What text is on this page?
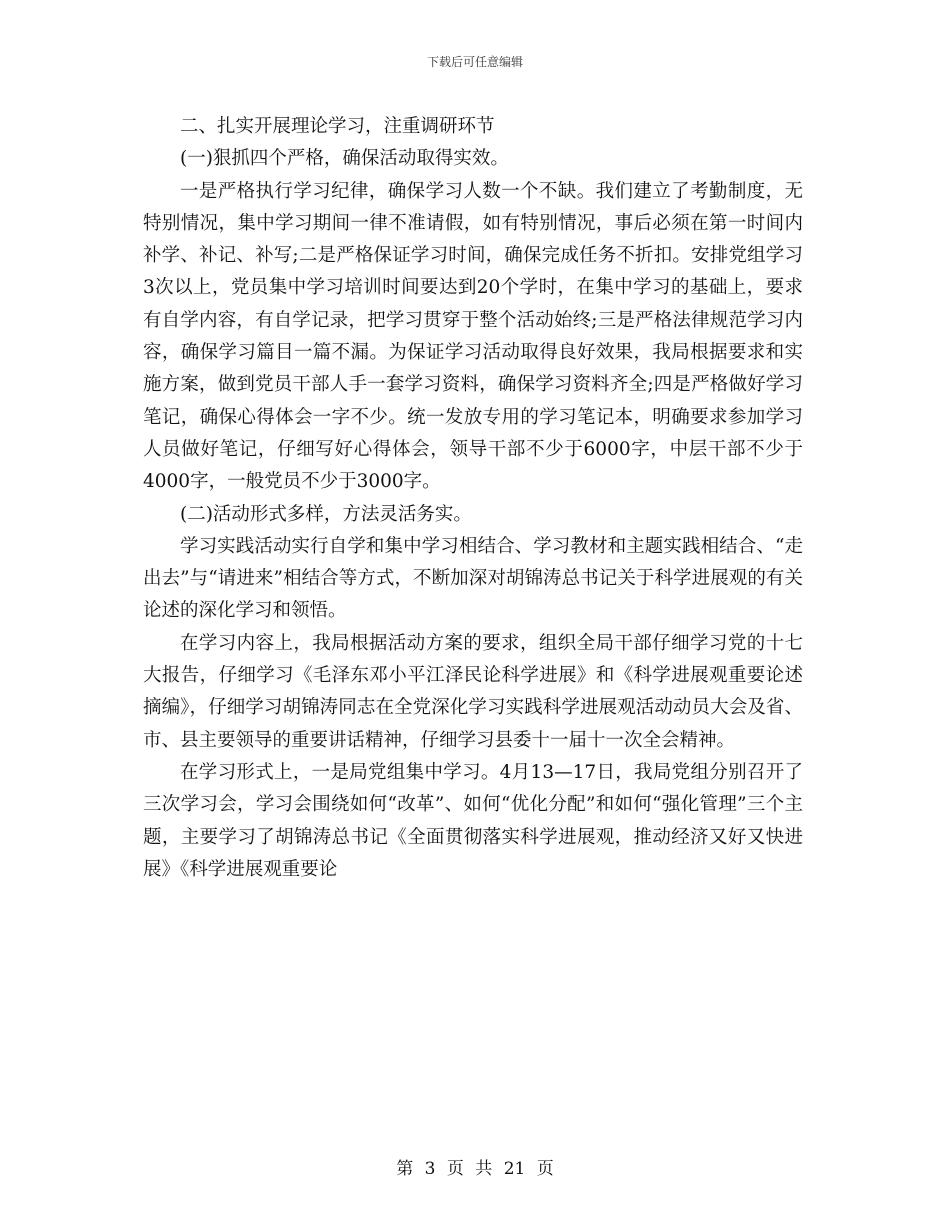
下载后可任意编辑

二、扎实开展理论学习，注重调研环节

(一)狠抓四个严格，确保活动取得实效。

一是严格执行学习纪律，确保学习人数一个不缺。我们建立了考勤制度，无特别情况，集中学习期间一律不准请假，如有特别情况，事后必须在第一时间内补学、补记、补写;二是严格保证学习时间，确保完成任务不折扣。安排党组学习3次以上，党员集中学习培训时间要达到20个学时，在集中学习的基础上，要求有自学内容，有自学记录，把学习贯穿于整个活动始终;三是严格法律规范学习内容，确保学习篇目一篇不漏。为保证学习活动取得良好效果，我局根据要求和实施方案，做到党员干部人手一套学习资料，确保学习资料齐全;四是严格做好学习笔记，确保心得体会一字不少。统一发放专用的学习笔记本，明确要求参加学习人员做好笔记，仔细写好心得体会，领导干部不少于6000字，中层干部不少于4000字，一般党员不少于3000字。

(二)活动形式多样，方法灵活务实。

学习实践活动实行自学和集中学习相结合、学习教材和主题实践相结合、“走出去”与“请进来”相结合等方式，不断加深对胡锦涛总书记关于科学进展观的有关论述的深化学习和领悟。

在学习内容上，我局根据活动方案的要求，组织全局干部仔细学习党的十七大报告，仔细学习《毛泽东邓小平江泽民论科学进展》和《科学进展观重要论述摘编》，仔细学习胡锦涛同志在全党深化学习实践科学进展观活动动员大会及省、市、县主要领导的重要讲话精神，仔细学习县委十一届十一次全会精神。

在学习形式上，一是局党组集中学习。4月13—17日，我局党组分别召开了三次学习会，学习会围绕如何“改革”、如何“优化分配”和如何“强化管理”三个主题，主要学习了胡锦涛总书记《全面贯彻落实科学进展观，推动经济又好又快进展》《科学进展观重要论

第 3 页 共 21 页
